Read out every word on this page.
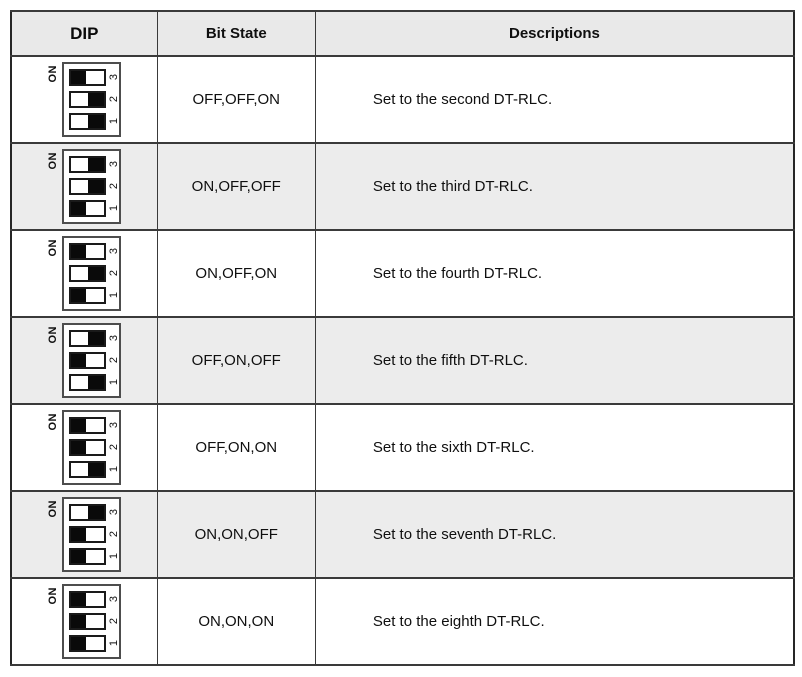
DIP	Bit State	Descriptions

ON 3
2
1	OFF,OFF,ON	Set to the second DT-RLC.

ON 3
2
1	ON,OFF,OFF	Set to the third DT-RLC.

ON 3
2
1	ON,OFF,ON	Set to the fourth DT-RLC.

ON 3
2
1	OFF,ON,OFF	Set to the fifth DT-RLC.

ON 3
2
1	OFF,ON,ON	Set to the sixth DT-RLC.

ON 3
2
1	ON,ON,OFF	Set to the seventh DT-RLC.

ON 3
2
1	ON,ON,ON	Set to the eighth DT-RLC.
